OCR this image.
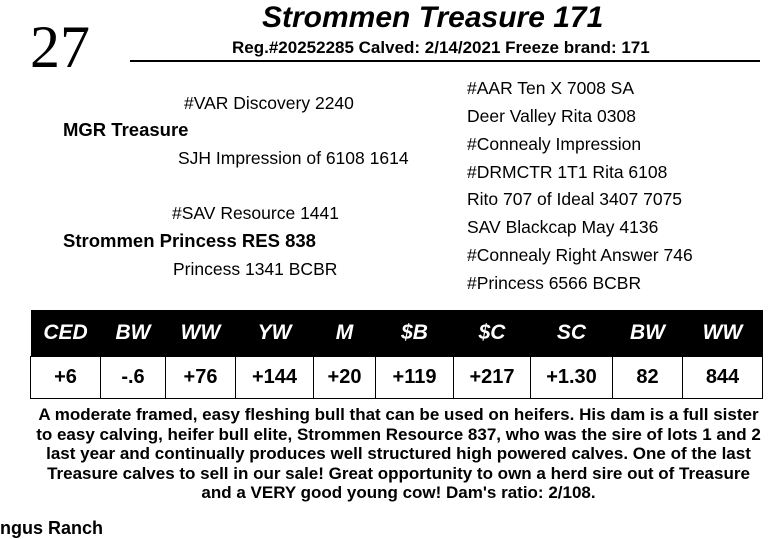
27	Strommen Treasure 171
Reg.#20252285 Calved: 2/14/2021 Freeze brand: 171
#VAR Discovery 2240
MGR Treasure
SJH Impression of 6108 1614
#SAV Resource 1441
Strommen Princess RES 838
Princess 1341 BCBR
#AAR Ten X 7008 SA
Deer Valley Rita 0308
#Connealy Impression
#DRMCTR 1T1 Rita 6108
Rito 707 of Ideal 3407 7075
SAV Blackcap May 4136
#Connealy Right Answer 746
#Princess 6566 BCBR
CED	BW	WW	YW	M	$B	$C	SC	BW	WW
+6	-.6	+76	+144	+20	+119	+217	+1.30	82	844
A moderate framed, easy fleshing bull that can be used on heifers. His dam is a full sister to easy calving, heifer bull elite, Strommen Resource 837, who was the sire of lots 1 and 2 last year and continually produces well structured high powered calves. One of the last Treasure calves to sell in our sale! Great opportunity to own a herd sire out of Treasure and a VERY good young cow! Dam's ratio: 2/108.
ngus Ranch
